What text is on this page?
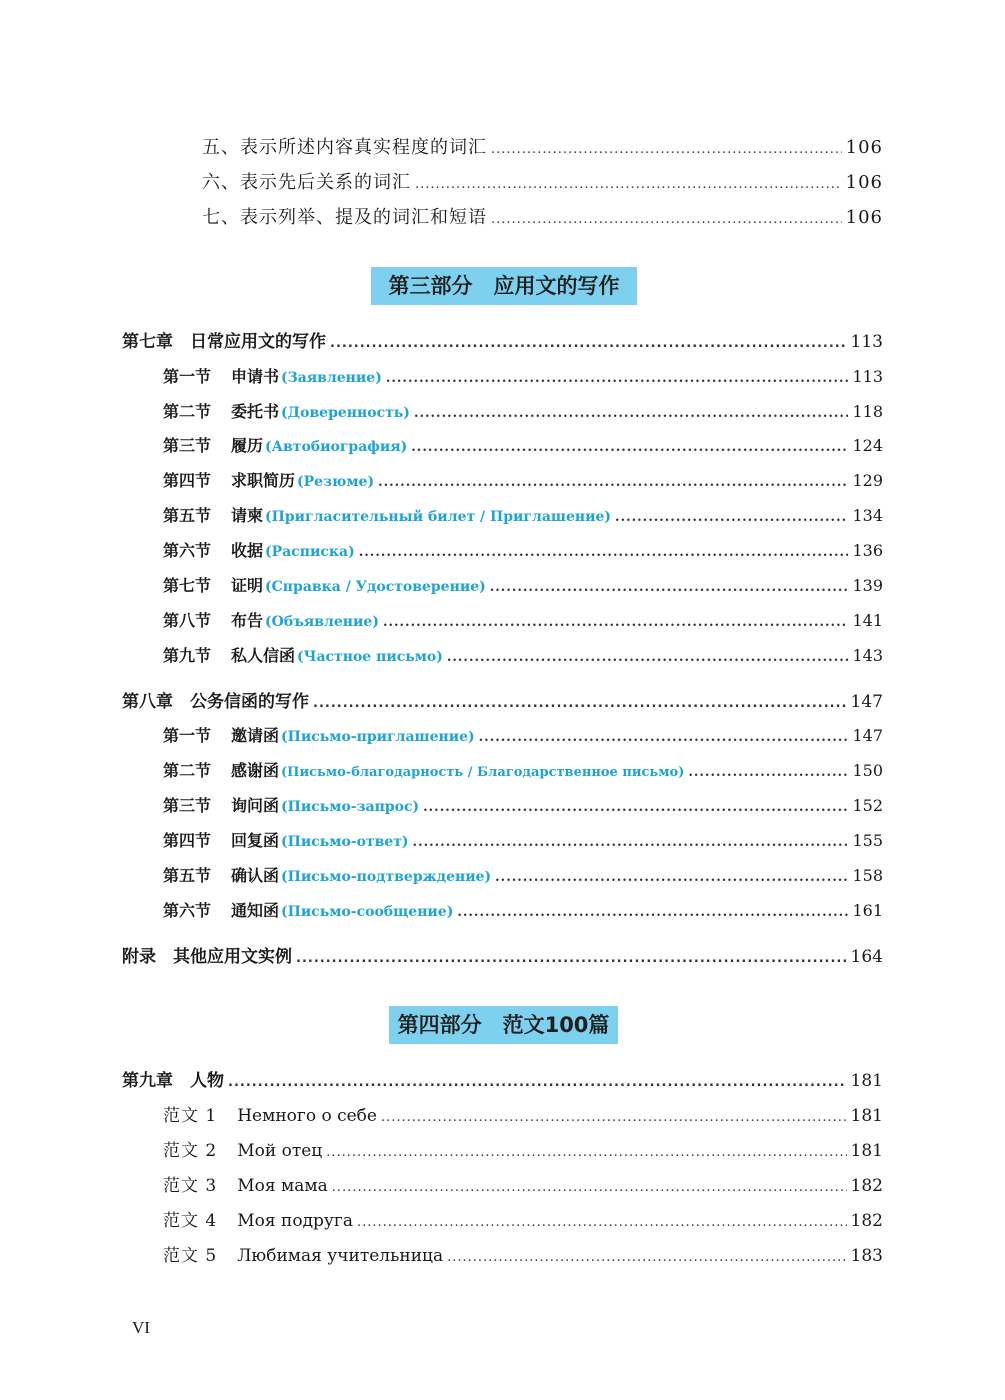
五、表示所述内容真实程度的词汇 .....	106
六、表示先后关系的词汇 .....	106
七、表示列举、提及的词汇和短语 .....	106
第三部分　应用文的写作
第七章　日常应用文的写作 .....	113
第一节 申请书 (Заявление) .....	113
第二节 委托书 (Доверенность) .....	118
第三节 履历 (Автобиография) .....	124
第四节 求职简历 (Резюме) .....	129
第五节 请柬 (Пригласительный билет / Приглашение) .....	134
第六节 收据 (Расписка) .....	136
第七节 证明 (Справка / Удостоверение) .....	139
第八节 布告 (Объявление) .....	141
第九节 私人信函 (Частное письмо) .....	143
第八章　公务信函的写作 .....	147
第一节 邀请函 (Письмо-приглашение) .....	147
第二节 感谢函 (Письмо-благодарность / Благодарственное письмо) .....	150
第三节 询问函 (Письмо-запрос) .....	152
第四节 回复函 (Письмо-ответ) .....	155
第五节 确认函 (Письмо-подтверждение) .....	158
第六节 通知函 (Письмо-сообщение) .....	161
附录　其他应用文实例 .....	164
第四部分　范文100篇
第九章　人物 .....	181
范文 1 Немного о себе .....	181
范文 2 Мой отец .....	181
范文 3 Моя мама .....	182
范文 4 Моя подруга .....	182
范文 5 Любимая учительница .....	183
VI
